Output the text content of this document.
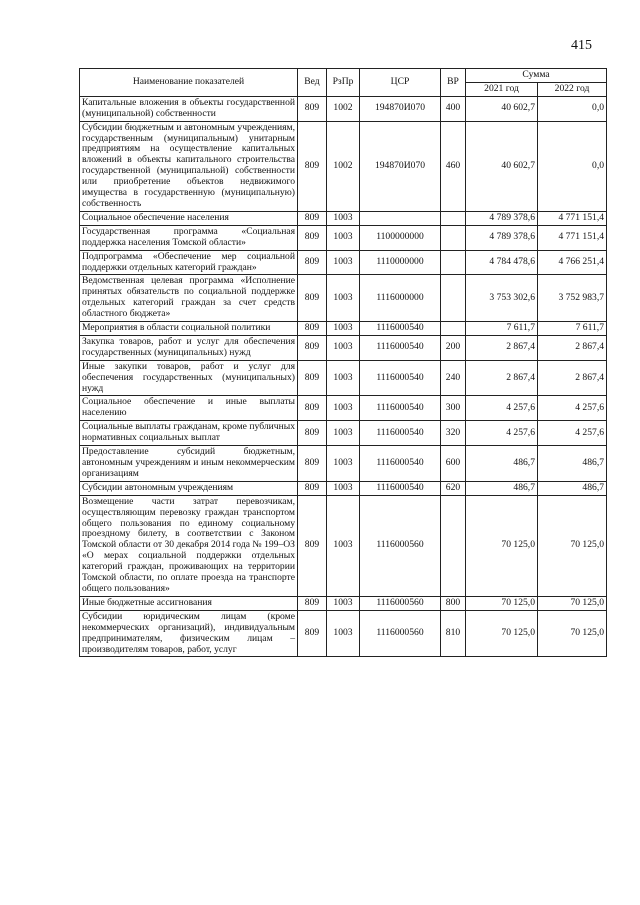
415
Наименование показателей	Вед	РзПр	ЦСР	ВР	Сумма	
					2021 год	2022 год
Капитальные вложения в объекты государственной (муниципальной) собственности	809	1002	194870И070	400	40 602,7	0,0
Субсидии бюджетным и автономным учреждениям, государственным (муниципальным) унитарным предприятиям на осуществление капитальных вложений в объекты капитального строительства государственной (муниципальной) собственности или приобретение объектов недвижимого имущества в государственную (муниципальную) собственность	809	1002	194870И070	460	40 602,7	0,0
Социальное обеспечение населения	809	1003			4 789 378,6	4 771 151,4
Государственная программа «Социальная поддержка населения Томской области»	809	1003	1100000000		4 789 378,6	4 771 151,4
Подпрограмма «Обеспечение мер социальной поддержки отдельных категорий граждан»	809	1003	1110000000		4 784 478,6	4 766 251,4
Ведомственная целевая программа «Исполнение принятых обязательств по социальной поддержке отдельных категорий граждан за счет средств областного бюджета»	809	1003	1116000000		3 753 302,6	3 752 983,7
Мероприятия в области социальной политики	809	1003	1116000540		7 611,7	7 611,7
Закупка товаров, работ и услуг для обеспечения государственных (муниципальных) нужд	809	1003	1116000540	200	2 867,4	2 867,4
Иные закупки товаров, работ и услуг для обеспечения государственных (муниципальных) нужд	809	1003	1116000540	240	2 867,4	2 867,4
Социальное обеспечение и иные выплаты населению	809	1003	1116000540	300	4 257,6	4 257,6
Социальные выплаты гражданам, кроме публичных нормативных социальных выплат	809	1003	1116000540	320	4 257,6	4 257,6
Предоставление субсидий бюджетным, автономным учреждениям и иным некоммерческим организациям	809	1003	1116000540	600	486,7	486,7
Субсидии автономным учреждениям	809	1003	1116000540	620	486,7	486,7
Возмещение части затрат перевозчикам, осуществляющим перевозку граждан транспортом общего пользования по единому социальному проездному билету, в соответствии с Законом Томской области от 30 декабря 2014 года № 199–ОЗ «О мерах социальной поддержки отдельных категорий граждан, проживающих на территории Томской области, по оплате проезда на транспорте общего пользования»	809	1003	1116000560		70 125,0	70 125,0
Иные бюджетные ассигнования	809	1003	1116000560	800	70 125,0	70 125,0
Субсидии юридическим лицам (кроме некоммерческих организаций), индивидуальным предпринимателям, физическим лицам – производителям товаров, работ, услуг	809	1003	1116000560	810	70 125,0	70 125,0
